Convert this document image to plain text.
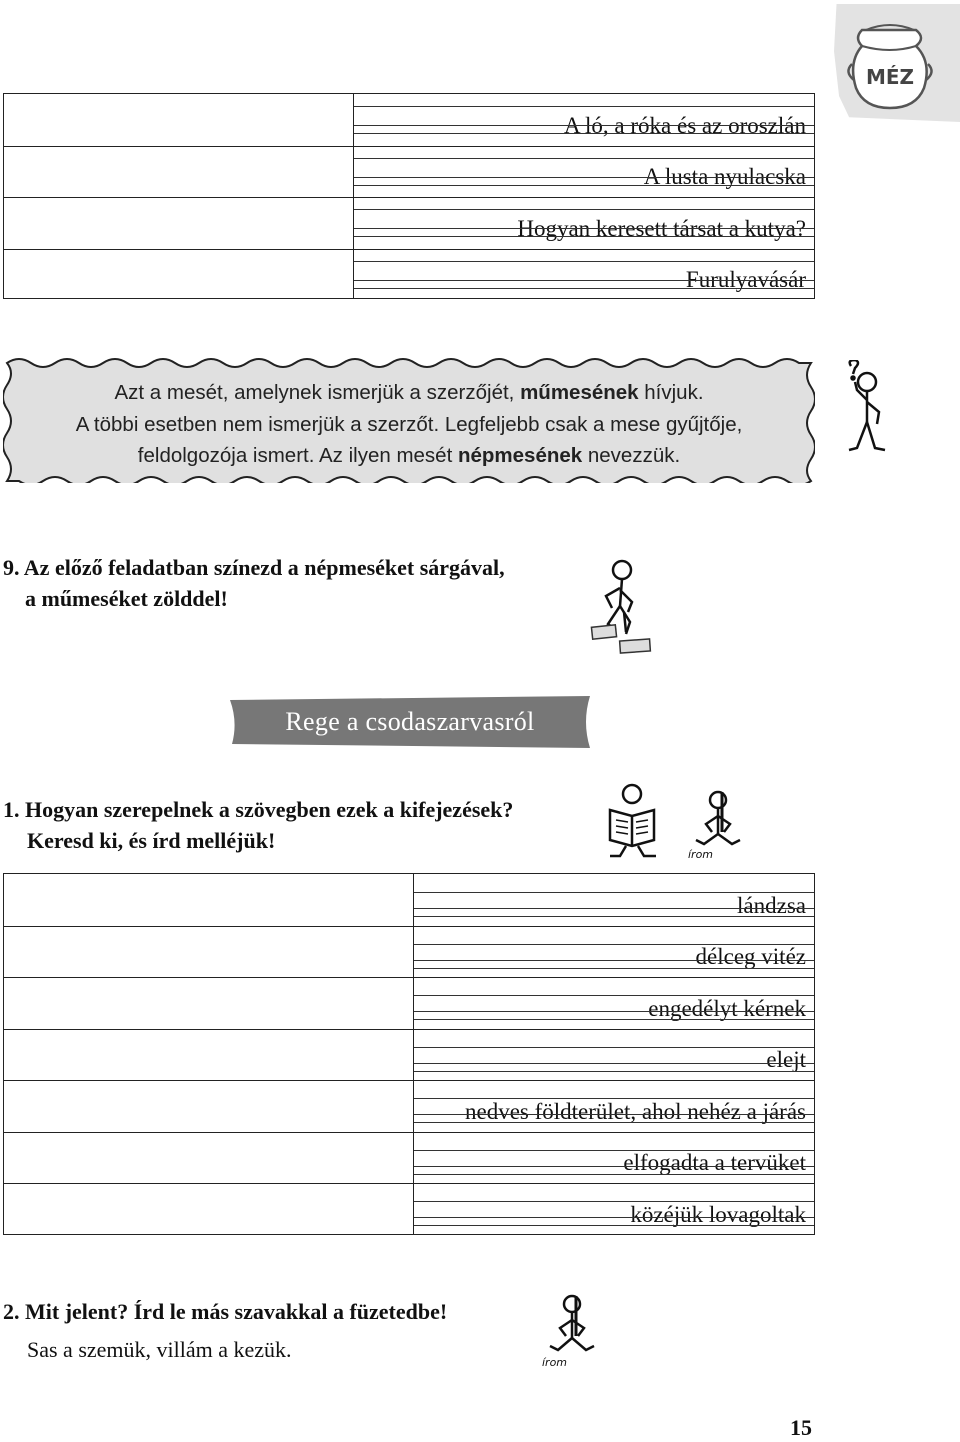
MÉZ
A ló, a róka és az oroszlán
A lusta nyulacska
Hogyan keresett társat a kutya?
Furulyavásár
Azt a mesét, amelynek ismerjük a szerzőjét, műmesének hívjuk.
A többi esetben nem ismerjük a szerzőt. Legfeljebb csak a mese gyűjtője,
feldolgozója ismert. Az ilyen mesét népmesének nevezzük.
9. Az előző feladatban színezd a népmeséket sárgával,
a műmeséket zölddel!
Rege a csodaszarvasról
1. Hogyan szerepelnek a szövegben ezek a kifejezések?
Keresd ki, és írd melléjük!
írom
lándzsa
délceg vitéz
engedélyt kérnek
elejt
nedves földterület, ahol nehéz a járás
elfogadta a tervüket
közéjük lovagoltak
2. Mit jelent? Írd le más szavakkal a füzetedbe!
Sas a szemük, villám a kezük.
írom
15
